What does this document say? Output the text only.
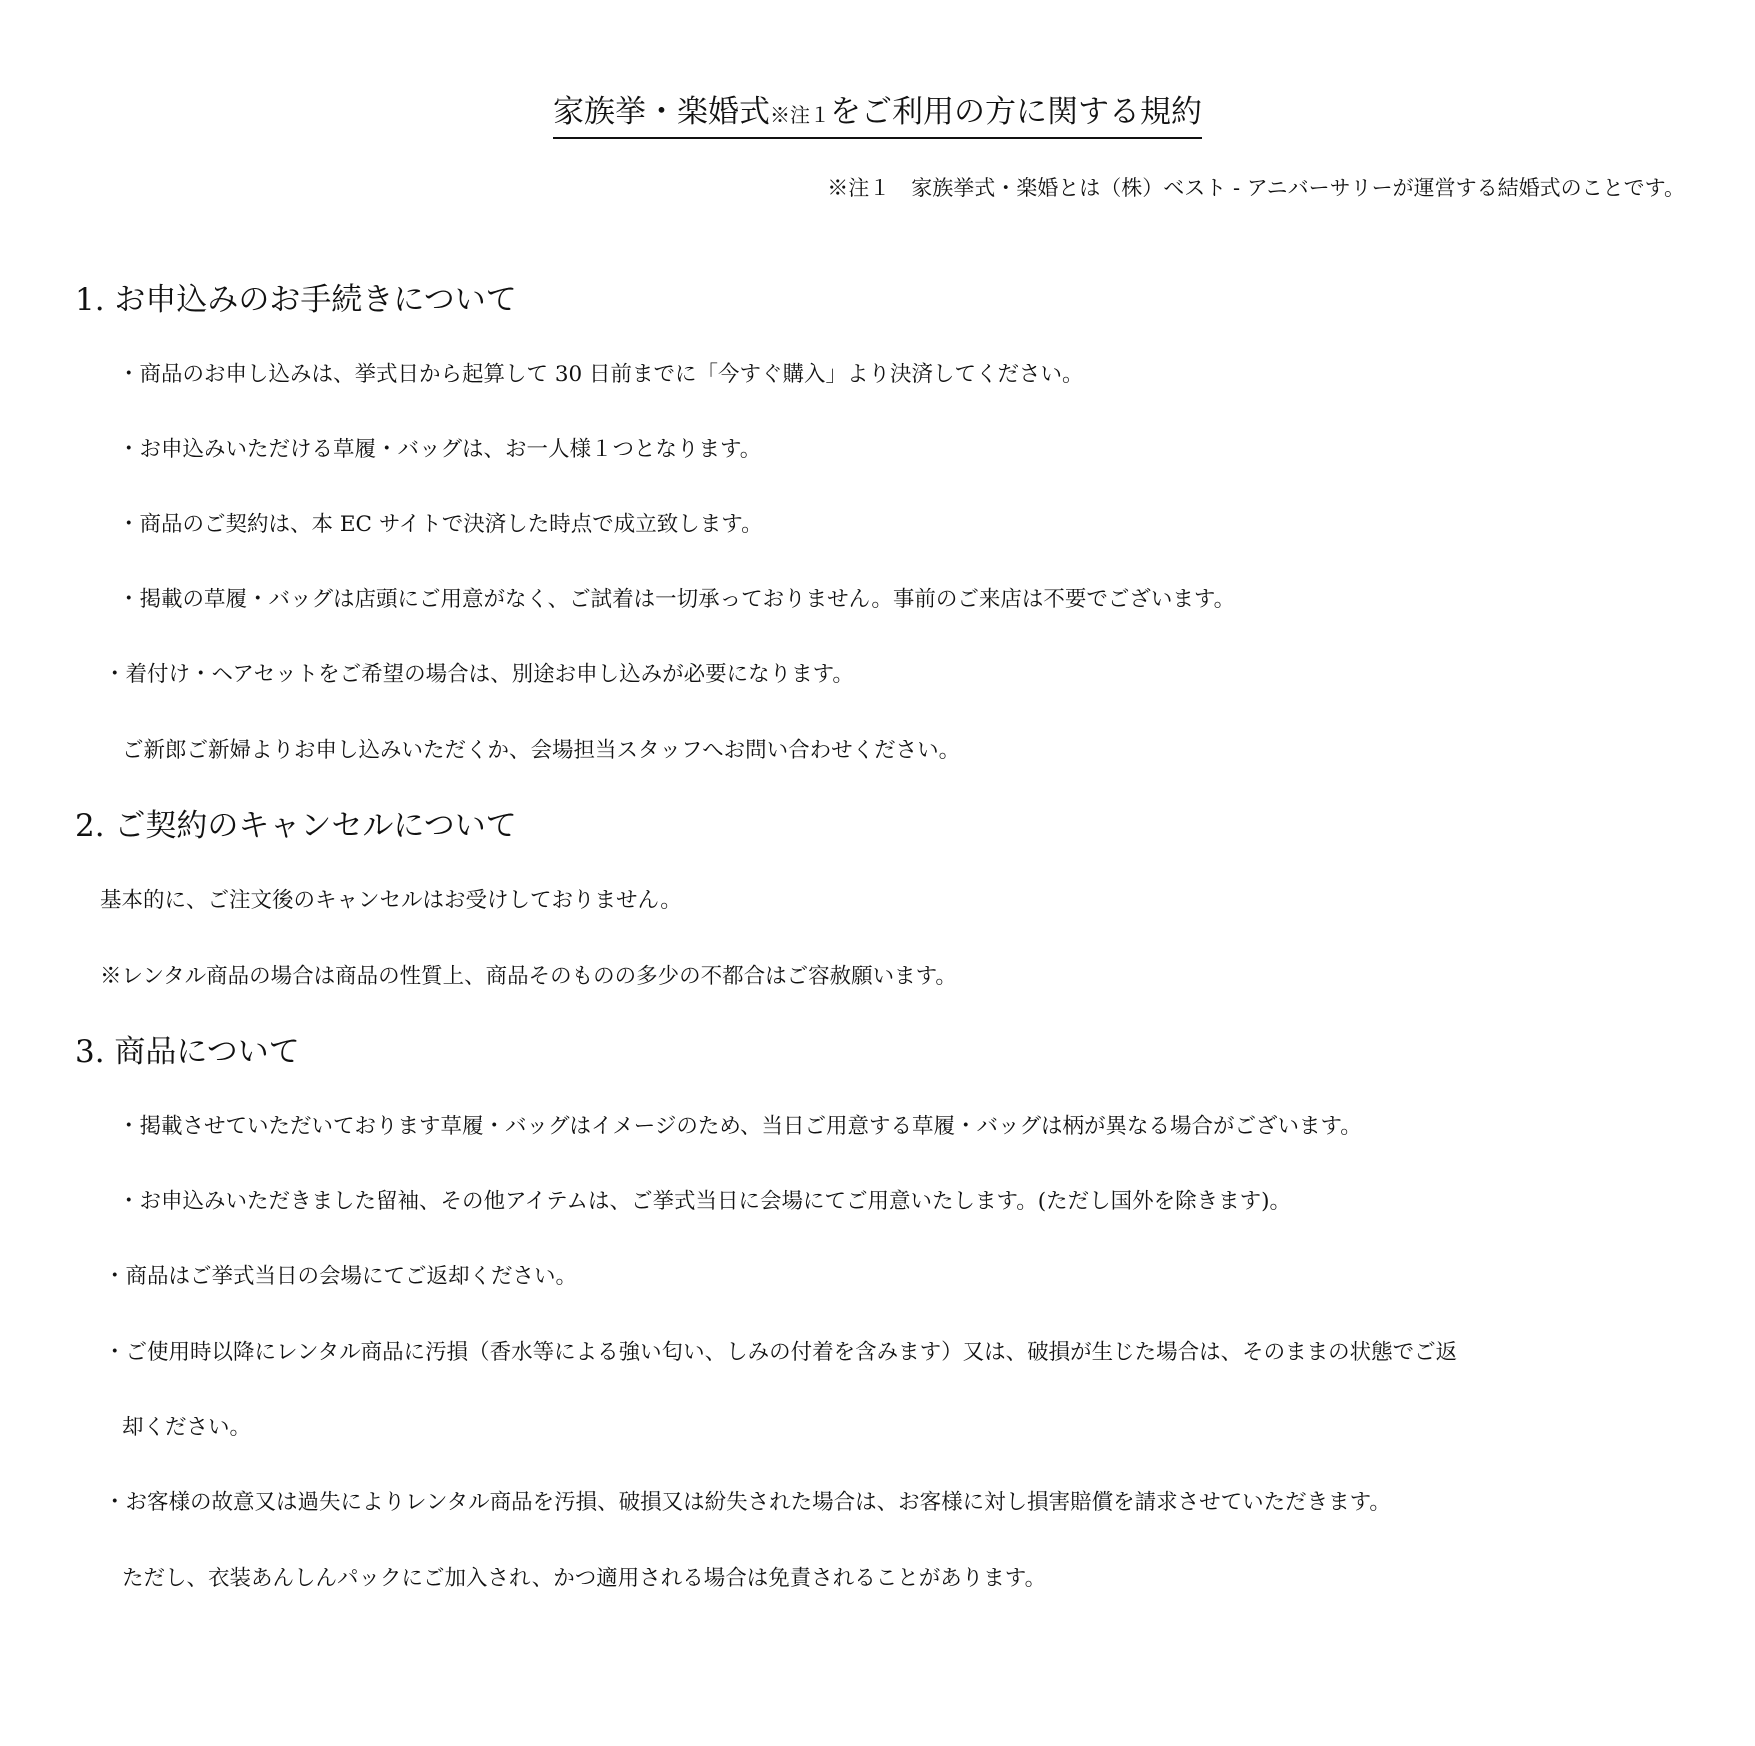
家族挙・楽婚式※注１をご利用の方に関する規約
※注１　家族挙式・楽婚とは（株）ベスト - アニバーサリーが運営する結婚式のことです。
1. お申込みのお手続きについて
・商品のお申し込みは、挙式日から起算して 30 日前までに「今すぐ購入」より決済してください。
・お申込みいただける草履・バッグは、お一人様１つとなります。
・商品のご契約は、本 EC サイトで決済した時点で成立致します。
・掲載の草履・バッグは店頭にご用意がなく、ご試着は一切承っておりません。事前のご来店は不要でございます。
・着付け・ヘアセットをご希望の場合は、別途お申し込みが必要になります。
ご新郎ご新婦よりお申し込みいただくか、会場担当スタッフへお問い合わせください。
2. ご契約のキャンセルについて
基本的に、ご注文後のキャンセルはお受けしておりません。
※レンタル商品の場合は商品の性質上、商品そのものの多少の不都合はご容赦願います。
3. 商品について
・掲載させていただいております草履・バッグはイメージのため、当日ご用意する草履・バッグは柄が異なる場合がございます。
・お申込みいただきました留袖、その他アイテムは、ご挙式当日に会場にてご用意いたします。(ただし国外を除きます)。
・商品はご挙式当日の会場にてご返却ください。
・ご使用時以降にレンタル商品に汚損（香水等による強い匂い、しみの付着を含みます）又は、破損が生じた場合は、そのままの状態でご返
却ください。
・お客様の故意又は過失によりレンタル商品を汚損、破損又は紛失された場合は、お客様に対し損害賠償を請求させていただきます。
ただし、衣装あんしんパックにご加入され、かつ適用される場合は免責されることがあります。
